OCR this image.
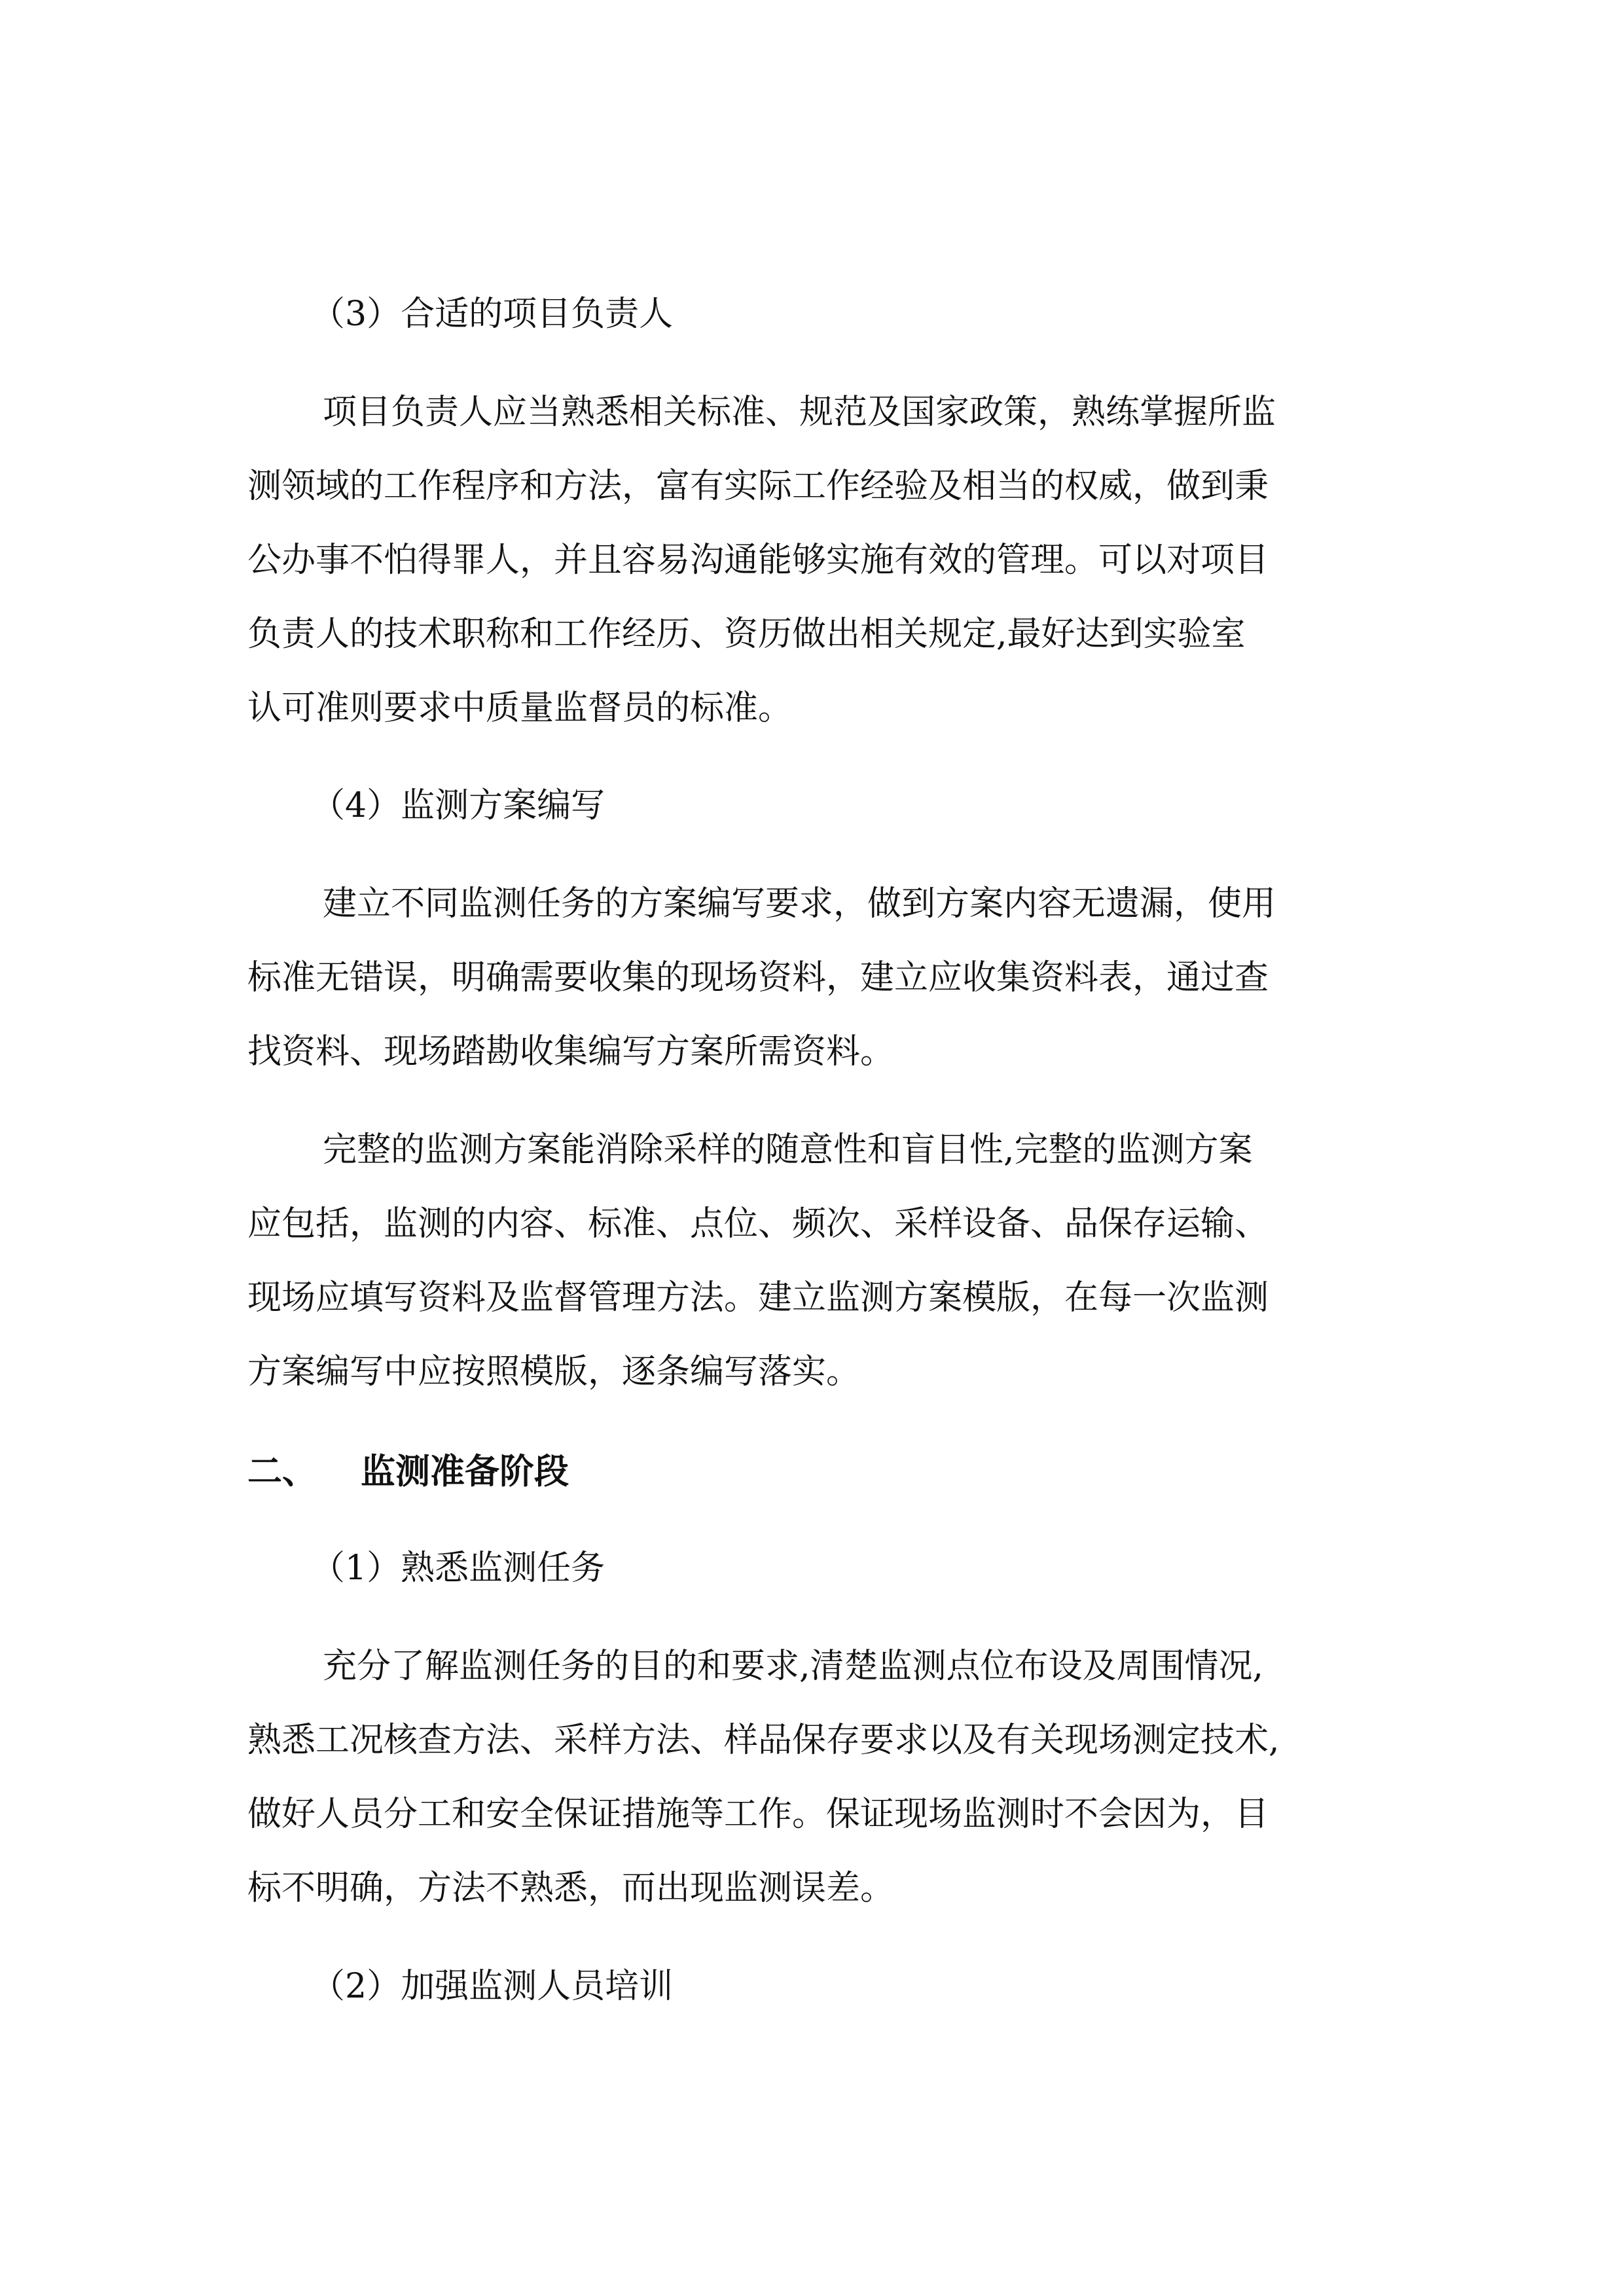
（3）合适的项目负责人
项目负责人应当熟悉相关标准、规范及国家政策，熟练掌握所监
测领域的工作程序和方法，富有实际工作经验及相当的权威，做到秉
公办事不怕得罪人，并且容易沟通能够实施有效的管理。可以对项目
负责人的技术职称和工作经历、资历做出相关规定,最好达到实验室
认可准则要求中质量监督员的标准。
（4）监测方案编写
建立不同监测任务的方案编写要求，做到方案内容无遗漏，使用
标准无错误，明确需要收集的现场资料，建立应收集资料表，通过查
找资料、现场踏勘收集编写方案所需资料。
完整的监测方案能消除采样的随意性和盲目性,完整的监测方案
应包括，监测的内容、标准、点位、频次、采样设备、品保存运输、
现场应填写资料及监督管理方法。建立监测方案模版，在每一次监测
方案编写中应按照模版，逐条编写落实。
二、 监测准备阶段
（1）熟悉监测任务
充分了解监测任务的目的和要求,清楚监测点位布设及周围情况,
熟悉工况核查方法、采样方法、样品保存要求以及有关现场测定技术,
做好人员分工和安全保证措施等工作。保证现场监测时不会因为，目
标不明确，方法不熟悉，而出现监测误差。
（2）加强监测人员培训
